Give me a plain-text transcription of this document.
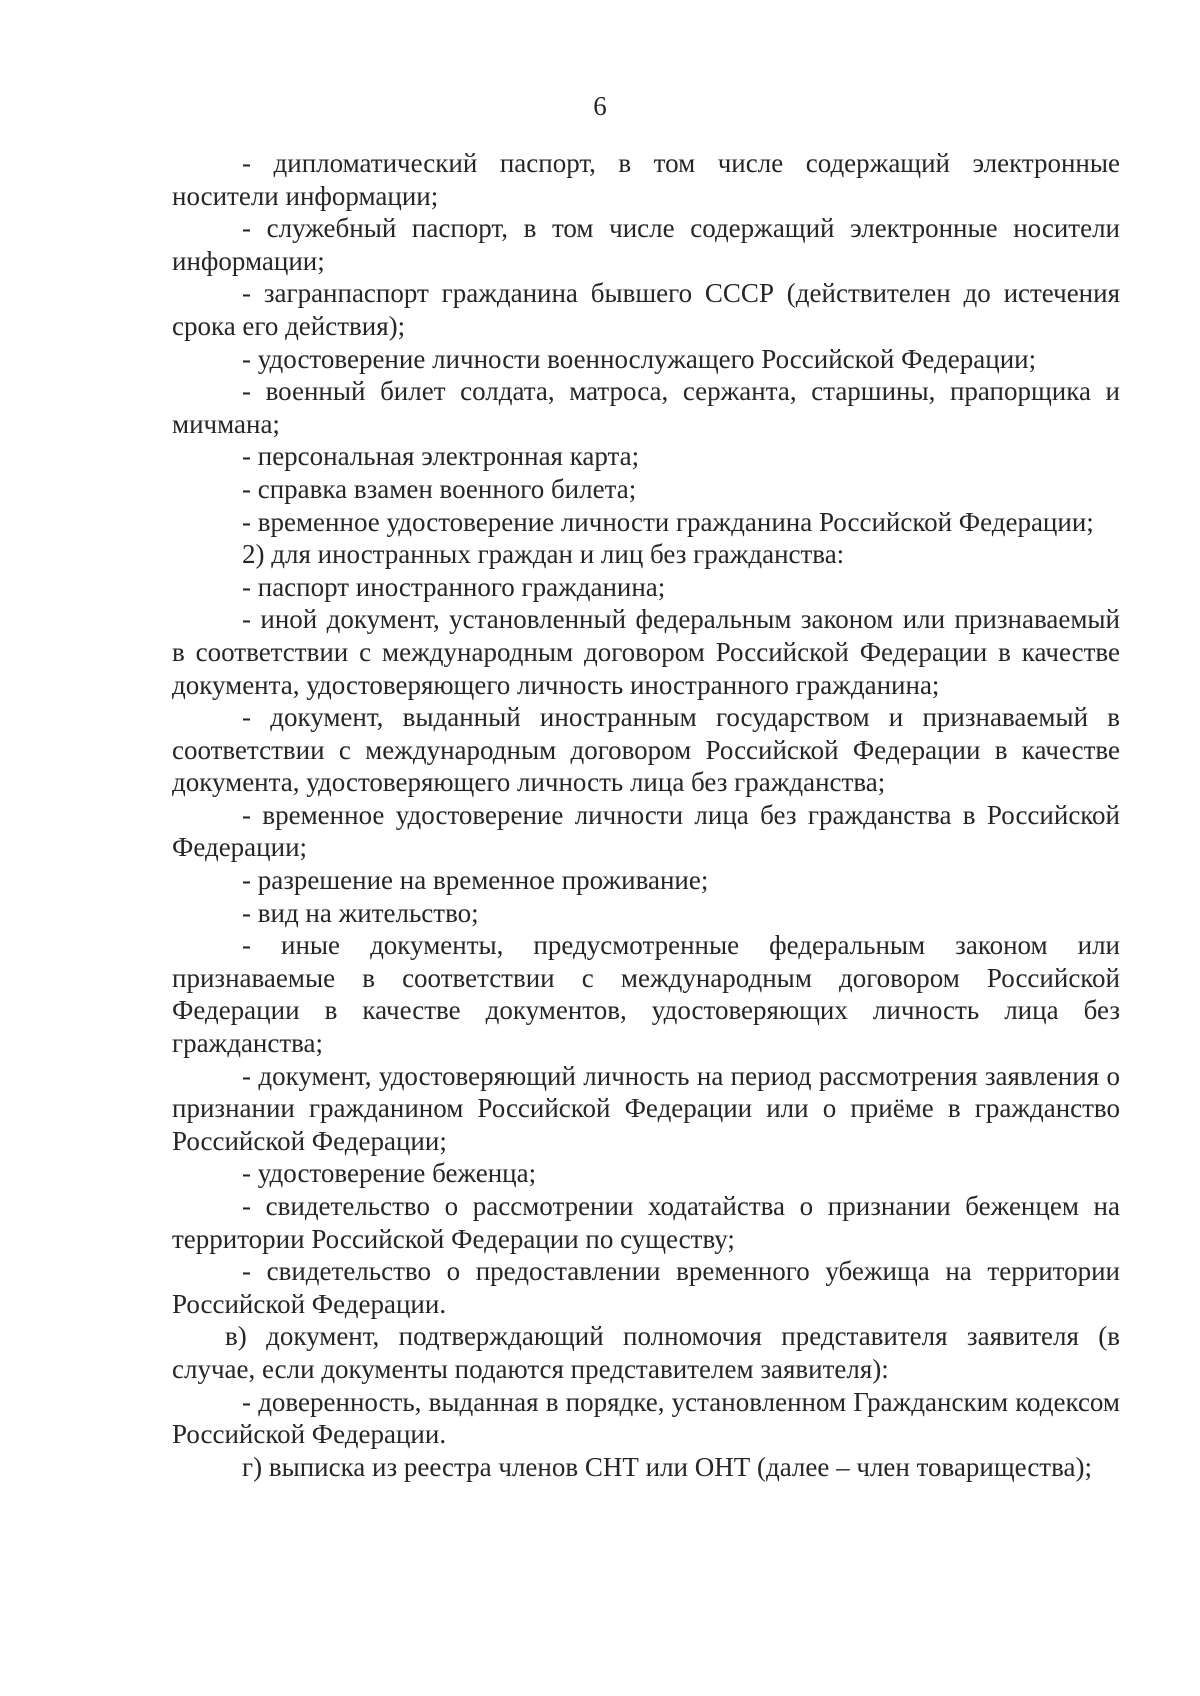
6

- дипломатический паспорт, в том числе содержащий электронные носители информации;

- служебный паспорт, в том числе содержащий электронные носители информации;

- загранпаспорт гражданина бывшего СССР (действителен до истечения срока его действия);

- удостоверение личности военнослужащего Российской Федерации;

- военный билет солдата, матроса, сержанта, старшины, прапорщика и мичмана;

- персональная электронная карта;

- справка взамен военного билета;

- временное удостоверение личности гражданина Российской Федерации;

2) для иностранных граждан и лиц без гражданства:

- паспорт иностранного гражданина;

- иной документ, установленный федеральным законом или признаваемый в соответствии с международным договором Российской Федерации в качестве документа, удостоверяющего личность иностранного гражданина;

- документ, выданный иностранным государством и признаваемый в соответствии с международным договором Российской Федерации в качестве документа, удостоверяющего личность лица без гражданства;

- временное удостоверение личности лица без гражданства в Российской Федерации;

- разрешение на временное проживание;

- вид на жительство;

- иные документы, предусмотренные федеральным законом или признаваемые в соответствии с международным договором Российской Федерации в качестве документов, удостоверяющих личность лица без гражданства;

- документ, удостоверяющий личность на период рассмотрения заявления о признании гражданином Российской Федерации или о приёме в гражданство Российской Федерации;

- удостоверение беженца;

- свидетельство о рассмотрении ходатайства о признании беженцем на территории Российской Федерации по существу;

- свидетельство о предоставлении временного убежища на территории Российской Федерации.

в) документ, подтверждающий полномочия представителя заявителя (в случае, если документы подаются представителем заявителя):

- доверенность, выданная в порядке, установленном Гражданским кодексом Российской Федерации.

г) выписка из реестра членов СНТ или ОНТ (далее – член товарищества);
